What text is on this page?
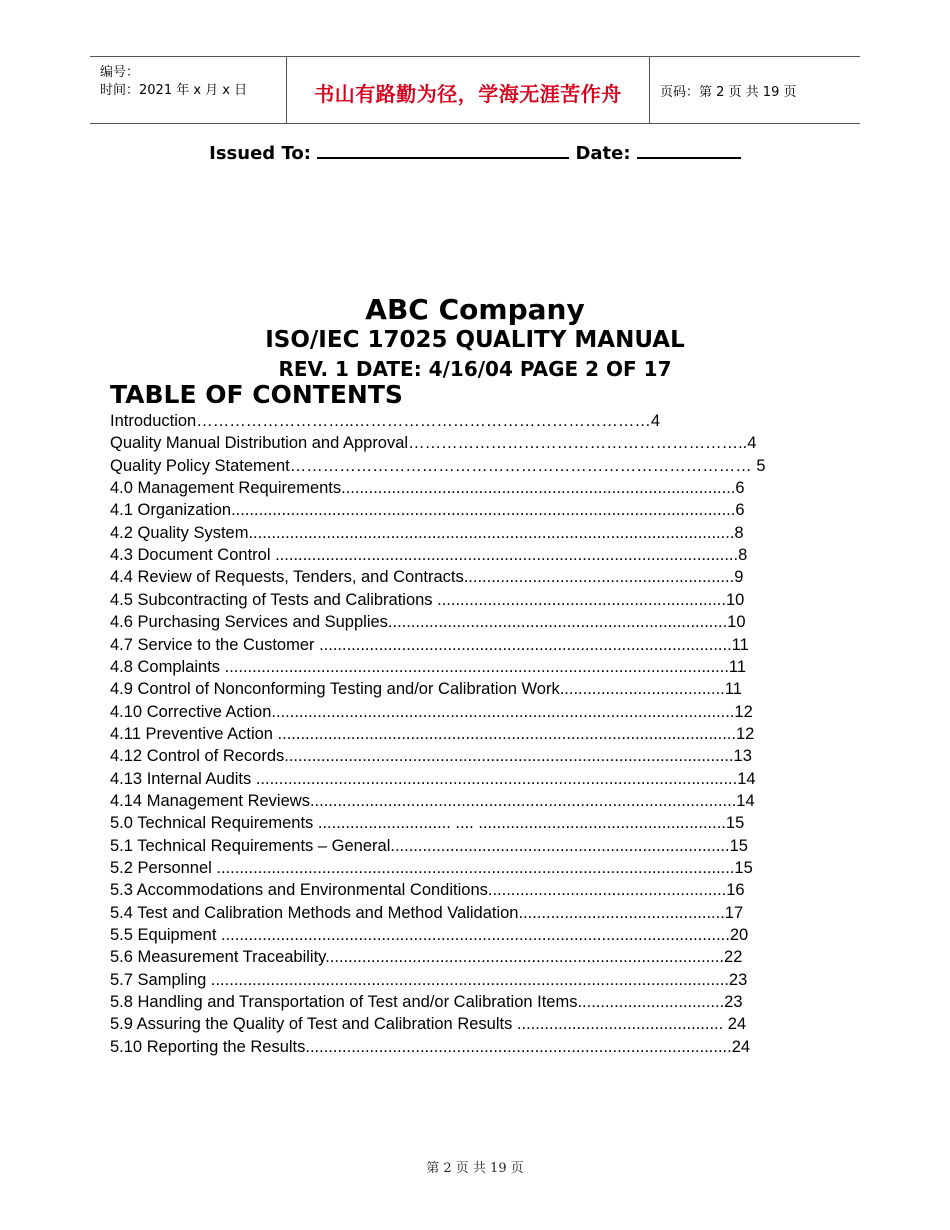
编号：
时间：2021 年 x 月 x 日	书山有路勤为径，学海无涯苦作舟	页码：第 2 页 共 19 页
Issued To:	Date:
ABC Company
ISO/IEC 17025 QUALITY MANUAL
REV. 1 DATE: 4/16/04 PAGE 2 OF 17
TABLE OF CONTENTS
Introduction………………………..………………………………………………4
Quality Manual Distribution and Approval……………………………………………………..4
Quality Policy Statement………………………………………………………………………… 5
4.0 Management Requirements......................................................................................6
4.1 Organization..............................................................................................................6
4.2 Quality System..........................................................................................................8
4.3 Document Control .....................................................................................................8
4.4 Review of Requests, Tenders, and Contracts...........................................................9
4.5 Subcontracting of Tests and Calibrations ...............................................................10
4.6 Purchasing Services and Supplies..........................................................................10
4.7 Service to the Customer ..........................................................................................11
4.8 Complaints ..............................................................................................................11
4.9 Control of Nonconforming Testing and/or Calibration Work....................................11
4.10 Corrective Action.....................................................................................................12
4.11 Preventive Action ....................................................................................................12
4.12 Control of Records..................................................................................................13
4.13 Internal Audits .........................................................................................................14
4.14 Management Reviews.............................................................................................14
5.0 Technical Requirements ............................. .... ......................................................15
5.1 Technical Requirements – General..........................................................................15
5.2 Personnel .................................................................................................................15
5.3 Accommodations and Environmental Conditions....................................................16
5.4 Test and Calibration Methods and Method Validation.............................................17
5.5 Equipment ...............................................................................................................20
5.6 Measurement Traceability.......................................................................................22
5.7 Sampling .................................................................................................................23
5.8 Handling and Transportation of Test and/or Calibration Items................................23
5.9 Assuring the Quality of Test and Calibration Results ............................................. 24
5.10 Reporting the Results.............................................................................................24
第 2 页 共 19 页
